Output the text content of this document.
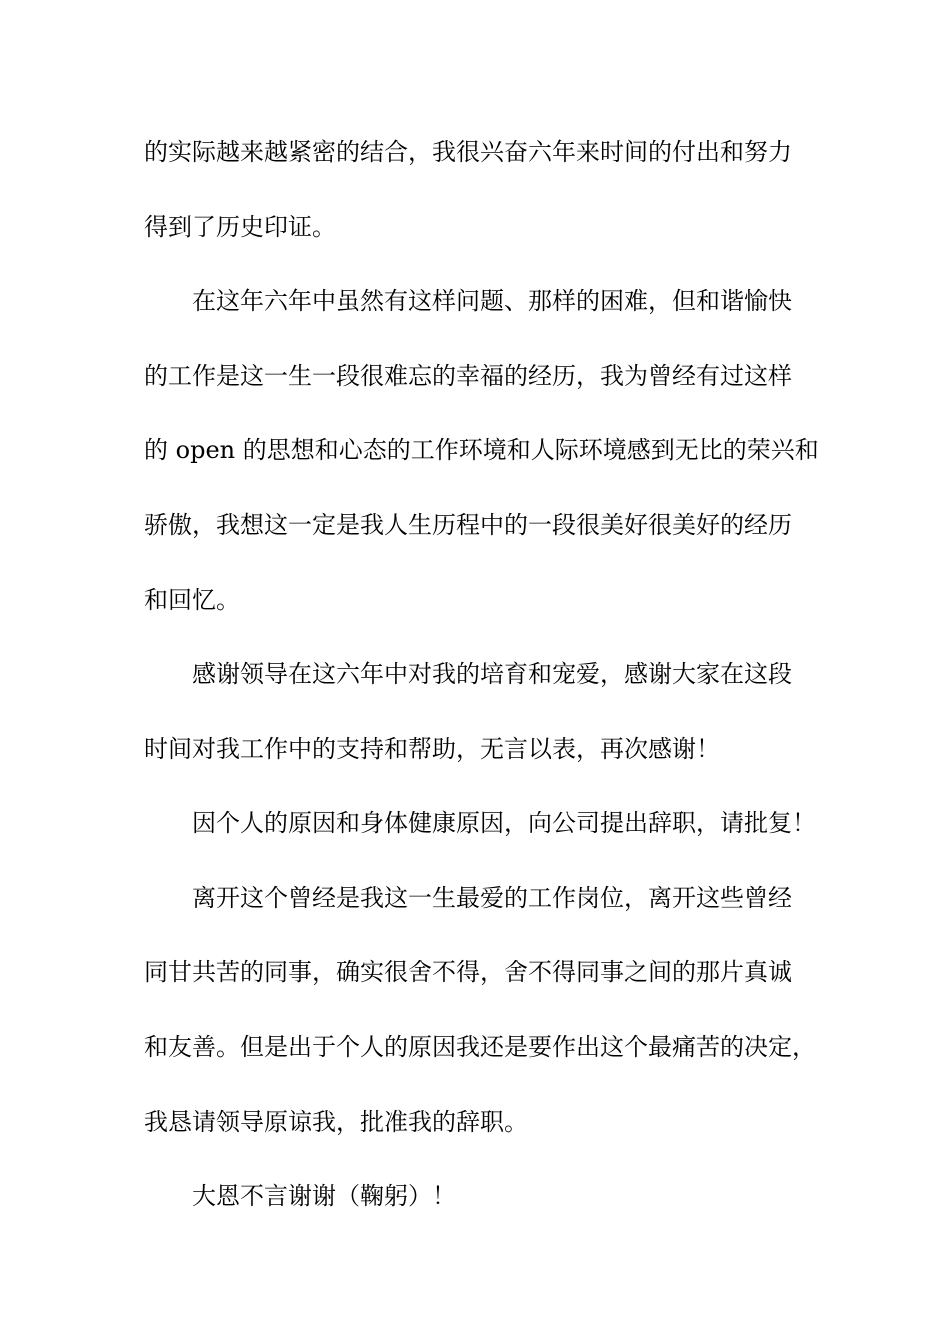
的实际越来越紧密的结合，我很兴奋六年来时间的付出和努力

得到了历史印证。

在这年六年中虽然有这样问题、那样的困难，但和谐愉快

的工作是这一生一段很难忘的幸福的经历，我为曾经有过这样

的 open 的思想和心态的工作环境和人际环境感到无比的荣兴和

骄傲，我想这一定是我人生历程中的一段很美好很美好的经历

和回忆。

感谢领导在这六年中对我的培育和宠爱，感谢大家在这段

时间对我工作中的支持和帮助，无言以表，再次感谢！

因个人的原因和身体健康原因，向公司提出辞职，请批复！

离开这个曾经是我这一生最爱的工作岗位，离开这些曾经

同甘共苦的同事，确实很舍不得，舍不得同事之间的那片真诚

和友善。但是出于个人的原因我还是要作出这个最痛苦的决定，

我恳请领导原谅我，批准我的辞职。

大恩不言谢谢（鞠躬）！
